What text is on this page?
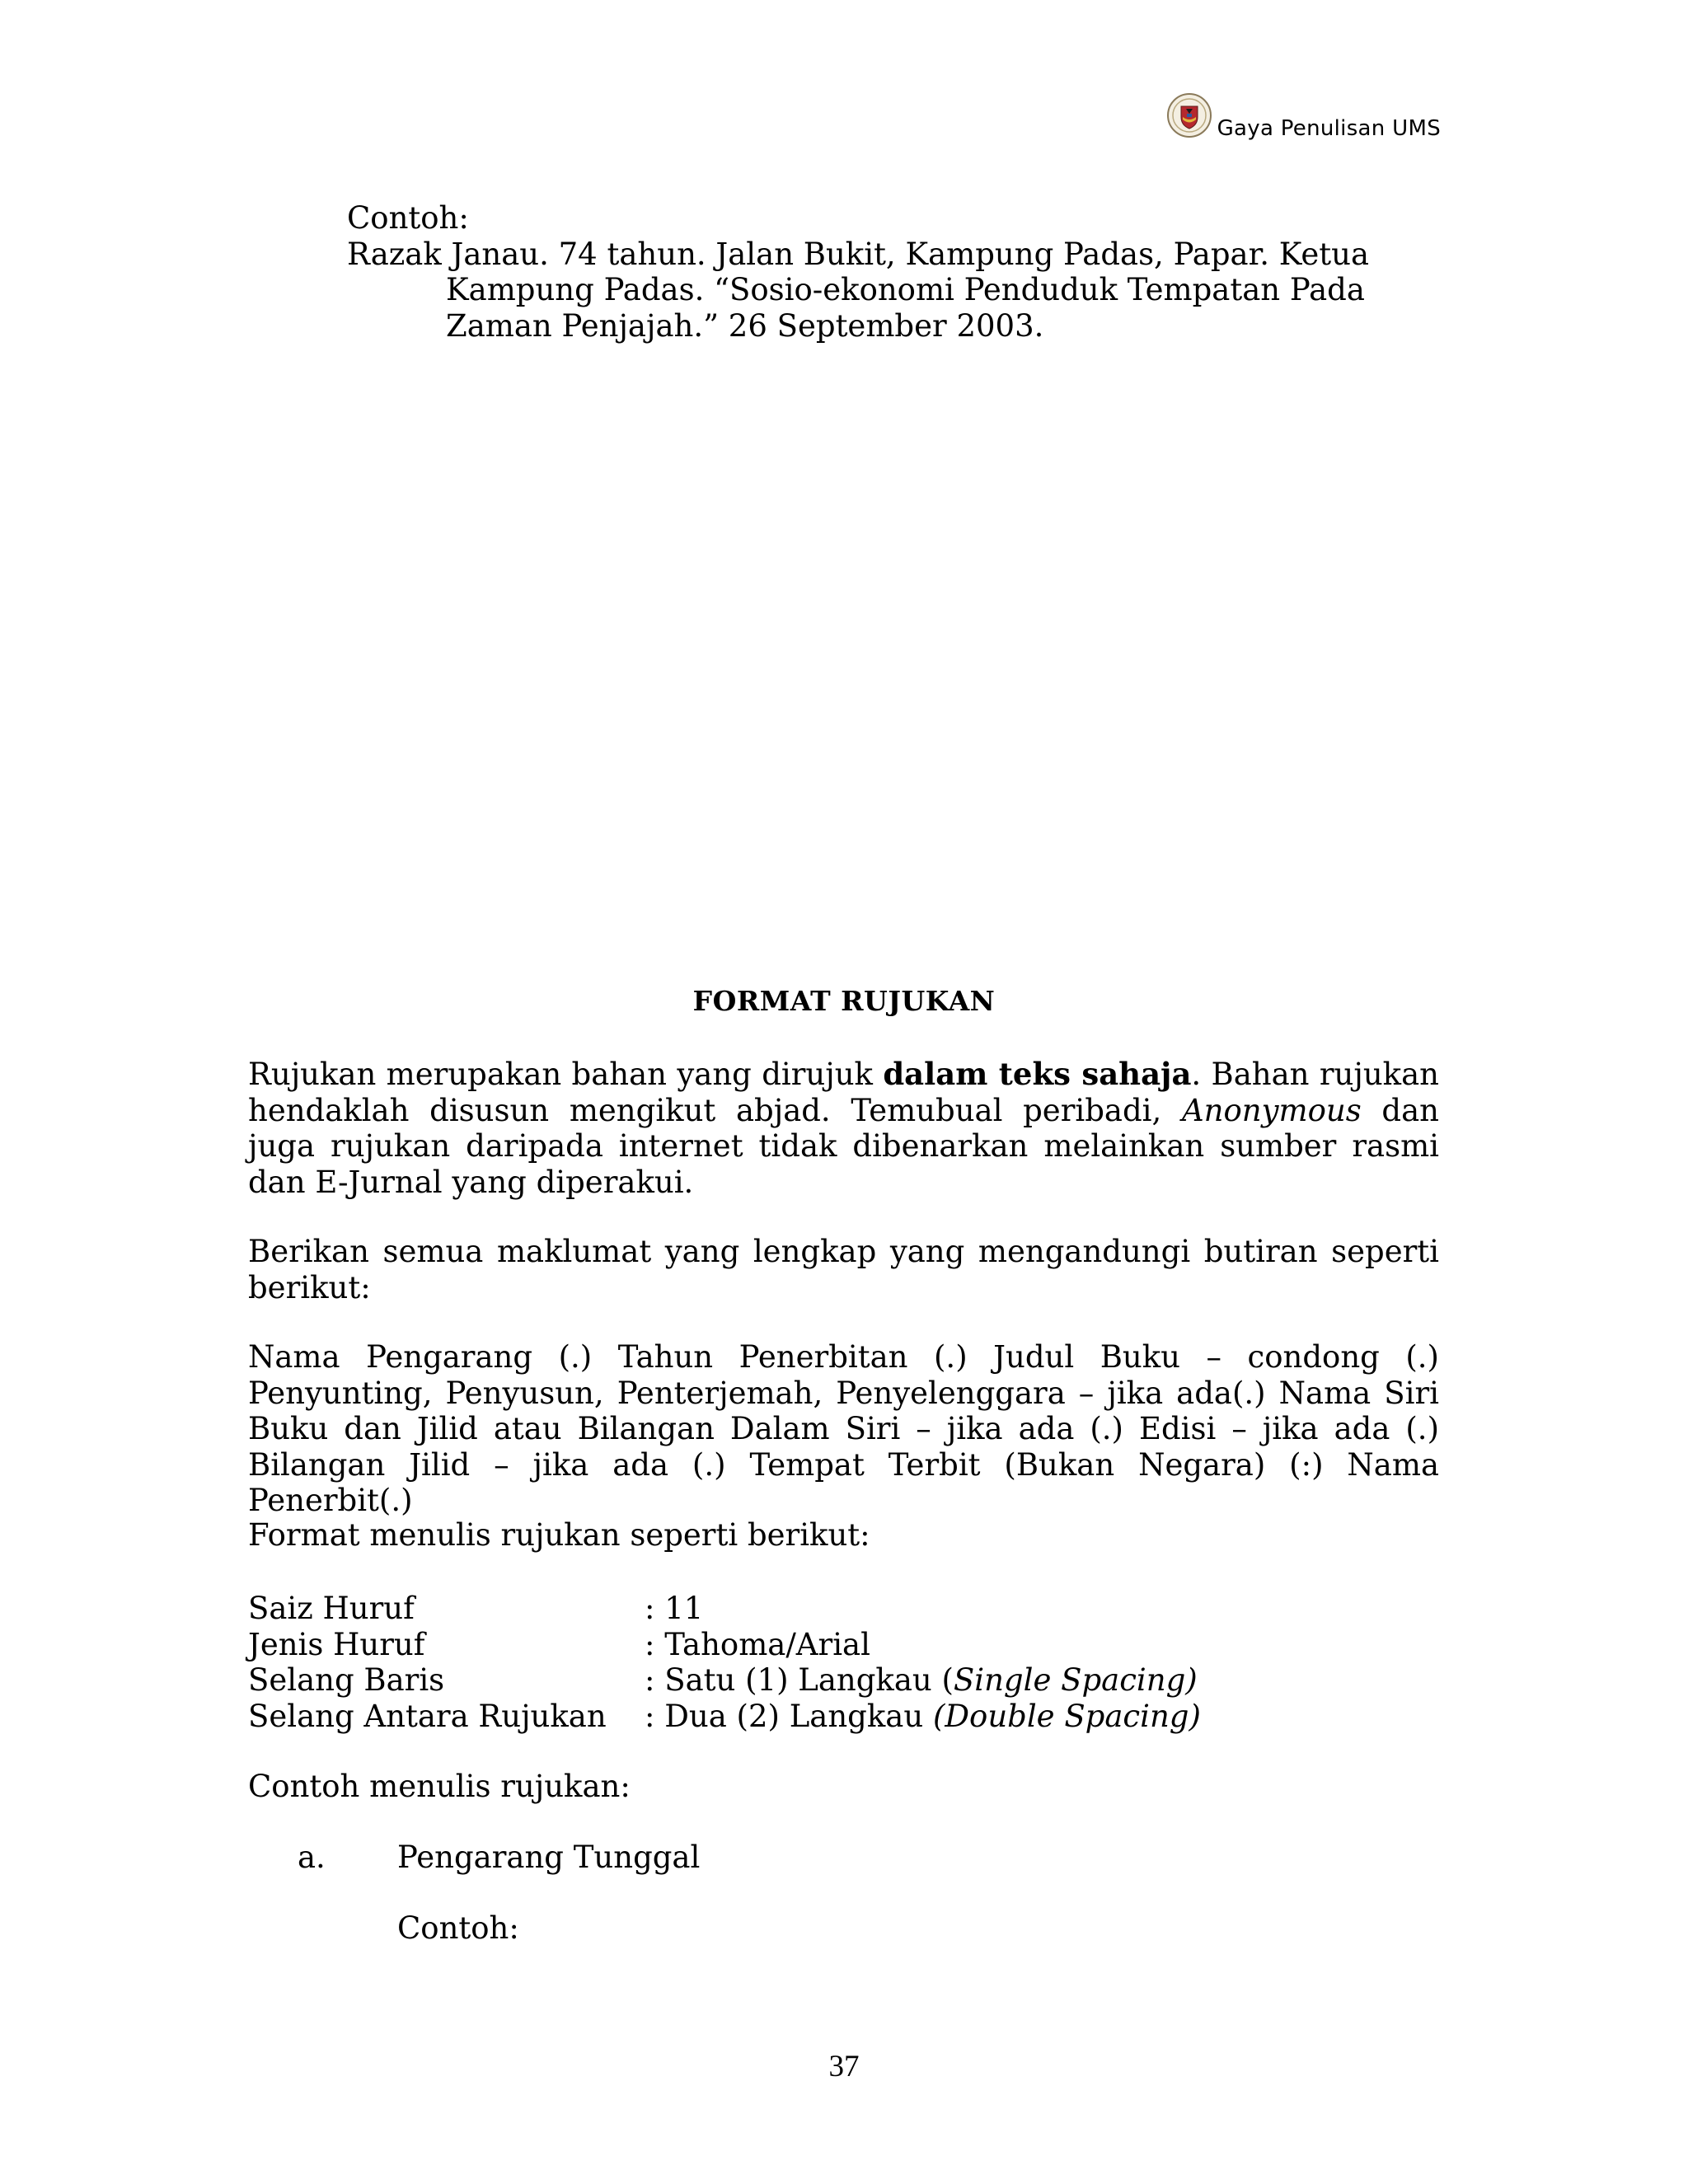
Gaya Penulisan UMS
Contoh:
Razak Janau. 74 tahun. Jalan Bukit, Kampung Padas, Papar. Ketua
Kampung Padas. “Sosio-ekonomi Penduduk Tempatan Pada
Zaman Penjajah.” 26 September 2003.
FORMAT RUJUKAN
Rujukan merupakan bahan yang dirujuk dalam teks sahaja. Bahan rujukan hendaklah disusun mengikut abjad. Temubual peribadi, Anonymous dan juga rujukan daripada internet tidak dibenarkan melainkan sumber rasmi dan E-Jurnal yang diperakui.
Berikan semua maklumat yang lengkap yang mengandungi butiran seperti berikut:
Nama Pengarang (.) Tahun Penerbitan (.) Judul Buku – condong (.) Penyunting, Penyusun, Penterjemah, Penyelenggara – jika ada(.) Nama Siri Buku dan Jilid atau Bilangan Dalam Siri – jika ada (.) Edisi – jika ada (.) Bilangan Jilid – jika ada (.) Tempat Terbit (Bukan Negara) (:) Nama Penerbit(.)
Format menulis rujukan seperti berikut:
Saiz Huruf	: 11
Jenis Huruf	: Tahoma/Arial
Selang Baris	: Satu (1) Langkau (Single Spacing)
Selang Antara Rujukan	: Dua (2) Langkau (Double Spacing)
Contoh menulis rujukan:
a. Pengarang Tunggal
Contoh:
37
